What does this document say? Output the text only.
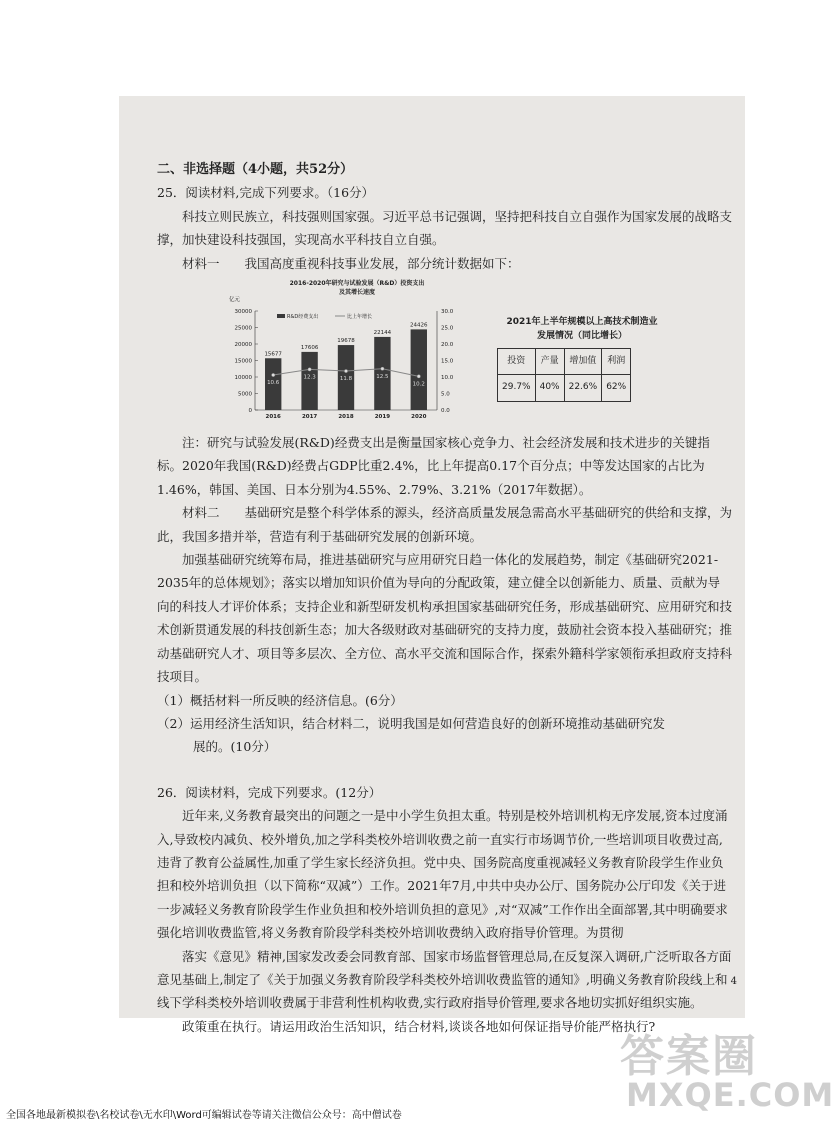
二、非选择题（4小题，共52分）

25．阅读材料,完成下列要求。（16分）

科技立则民族立，科技强则国家强。习近平总书记强调，坚持把科技自立自强作为国家发展的战略支撑，加快建设科技强国，实现高水平科技自立自强。

材料一　　我国高度重视科技事业发展，部分统计数据如下：

2016-2020年研究与试验发展（R&D）投资支出
及其增长速度
亿元
0
5000
10000
15000
20000
25000
30000
0.0
5.0
10.0
15.0
20.0
25.0
30.0
15677
2016
17606
2017
19678
2018
22144
2019
24426
2020
10.6
12.3	11.8	12.5
10.2
R&D经费支出	比上年增长	2021年上半年规模以上高技术制造业
发展情况（同比增长）
投资	产量	增加值	利润
29.7%	40%	22.6%	62%

注：研究与试验发展(R&D)经费支出是衡量国家核心竞争力、社会经济发展和技术进步的关键指标。2020年我国(R&D)经费占GDP比重2.4%，比上年提高0.17个百分点；中等发达国家的占比为1.46%，韩国、美国、日本分别为4.55%、2.79%、3.21%（2017年数据）。

材料二　　基础研究是整个科学体系的源头，经济高质量发展急需高水平基础研究的供给和支撑，为此，我国多措并举，营造有利于基础研究发展的创新环境。

加强基础研究统筹布局，推进基础研究与应用研究日趋一体化的发展趋势，制定《基础研究2021-2035年的总体规划》；落实以增加知识价值为导向的分配政策，建立健全以创新能力、质量、贡献为导向的科技人才评价体系；支持企业和新型研发机构承担国家基础研究任务，形成基础研究、应用研究和技术创新贯通发展的科技创新生态；加大各级财政对基础研究的支持力度，鼓励社会资本投入基础研究；推动基础研究人才、项目等多层次、全方位、高水平交流和国际合作，探索外籍科学家领衔承担政府支持科技项目。

（1）概括材料一所反映的经济信息。(6分）

（2）运用经济生活知识，结合材料二，说明我国是如何营造良好的创新环境推动基础研究发

展的。(10分）

26．阅读材料，完成下列要求。(12分）

近年来,义务教育最突出的问题之一是中小学生负担太重。特别是校外培训机构无序发展,资本过度涌入,导致校内减负、校外增负,加之学科类校外培训收费之前一直实行市场调节价,一些培训项目收费过高,违背了教育公益属性,加重了学生家长经济负担。党中央、国务院高度重视减轻义务教育阶段学生作业负担和校外培训负担（以下简称“双减”）工作。2021年7月,中共中央办公厅、国务院办公厅印发《关于进一步减轻义务教育阶段学生作业负担和校外培训负担的意见》,对“双减”工作作出全面部署,其中明确要求强化培训收费监管,将义务教育阶段学科类校外培训收费纳入政府指导价管理。为贯彻

落实《意见》精神,国家发改委会同教育部、国家市场监督管理总局,在反复深入调研,广泛听取各方面意见基础上,制定了《关于加强义务教育阶段学科类校外培训收费监管的通知》,明确义务教育阶段线上和线下学科类校外培训收费属于非营利性机构收费,实行政府指导价管理,要求各地切实抓好组织实施。

政策重在执行。请运用政治生活知识，结合材料,谈谈各地如何保证指导价能严格执行?

4
答案圈
MXQE.COM
全国各地最新模拟卷\名校试卷\无水印\Word可编辑试卷等请关注微信公众号：高中僧试卷
